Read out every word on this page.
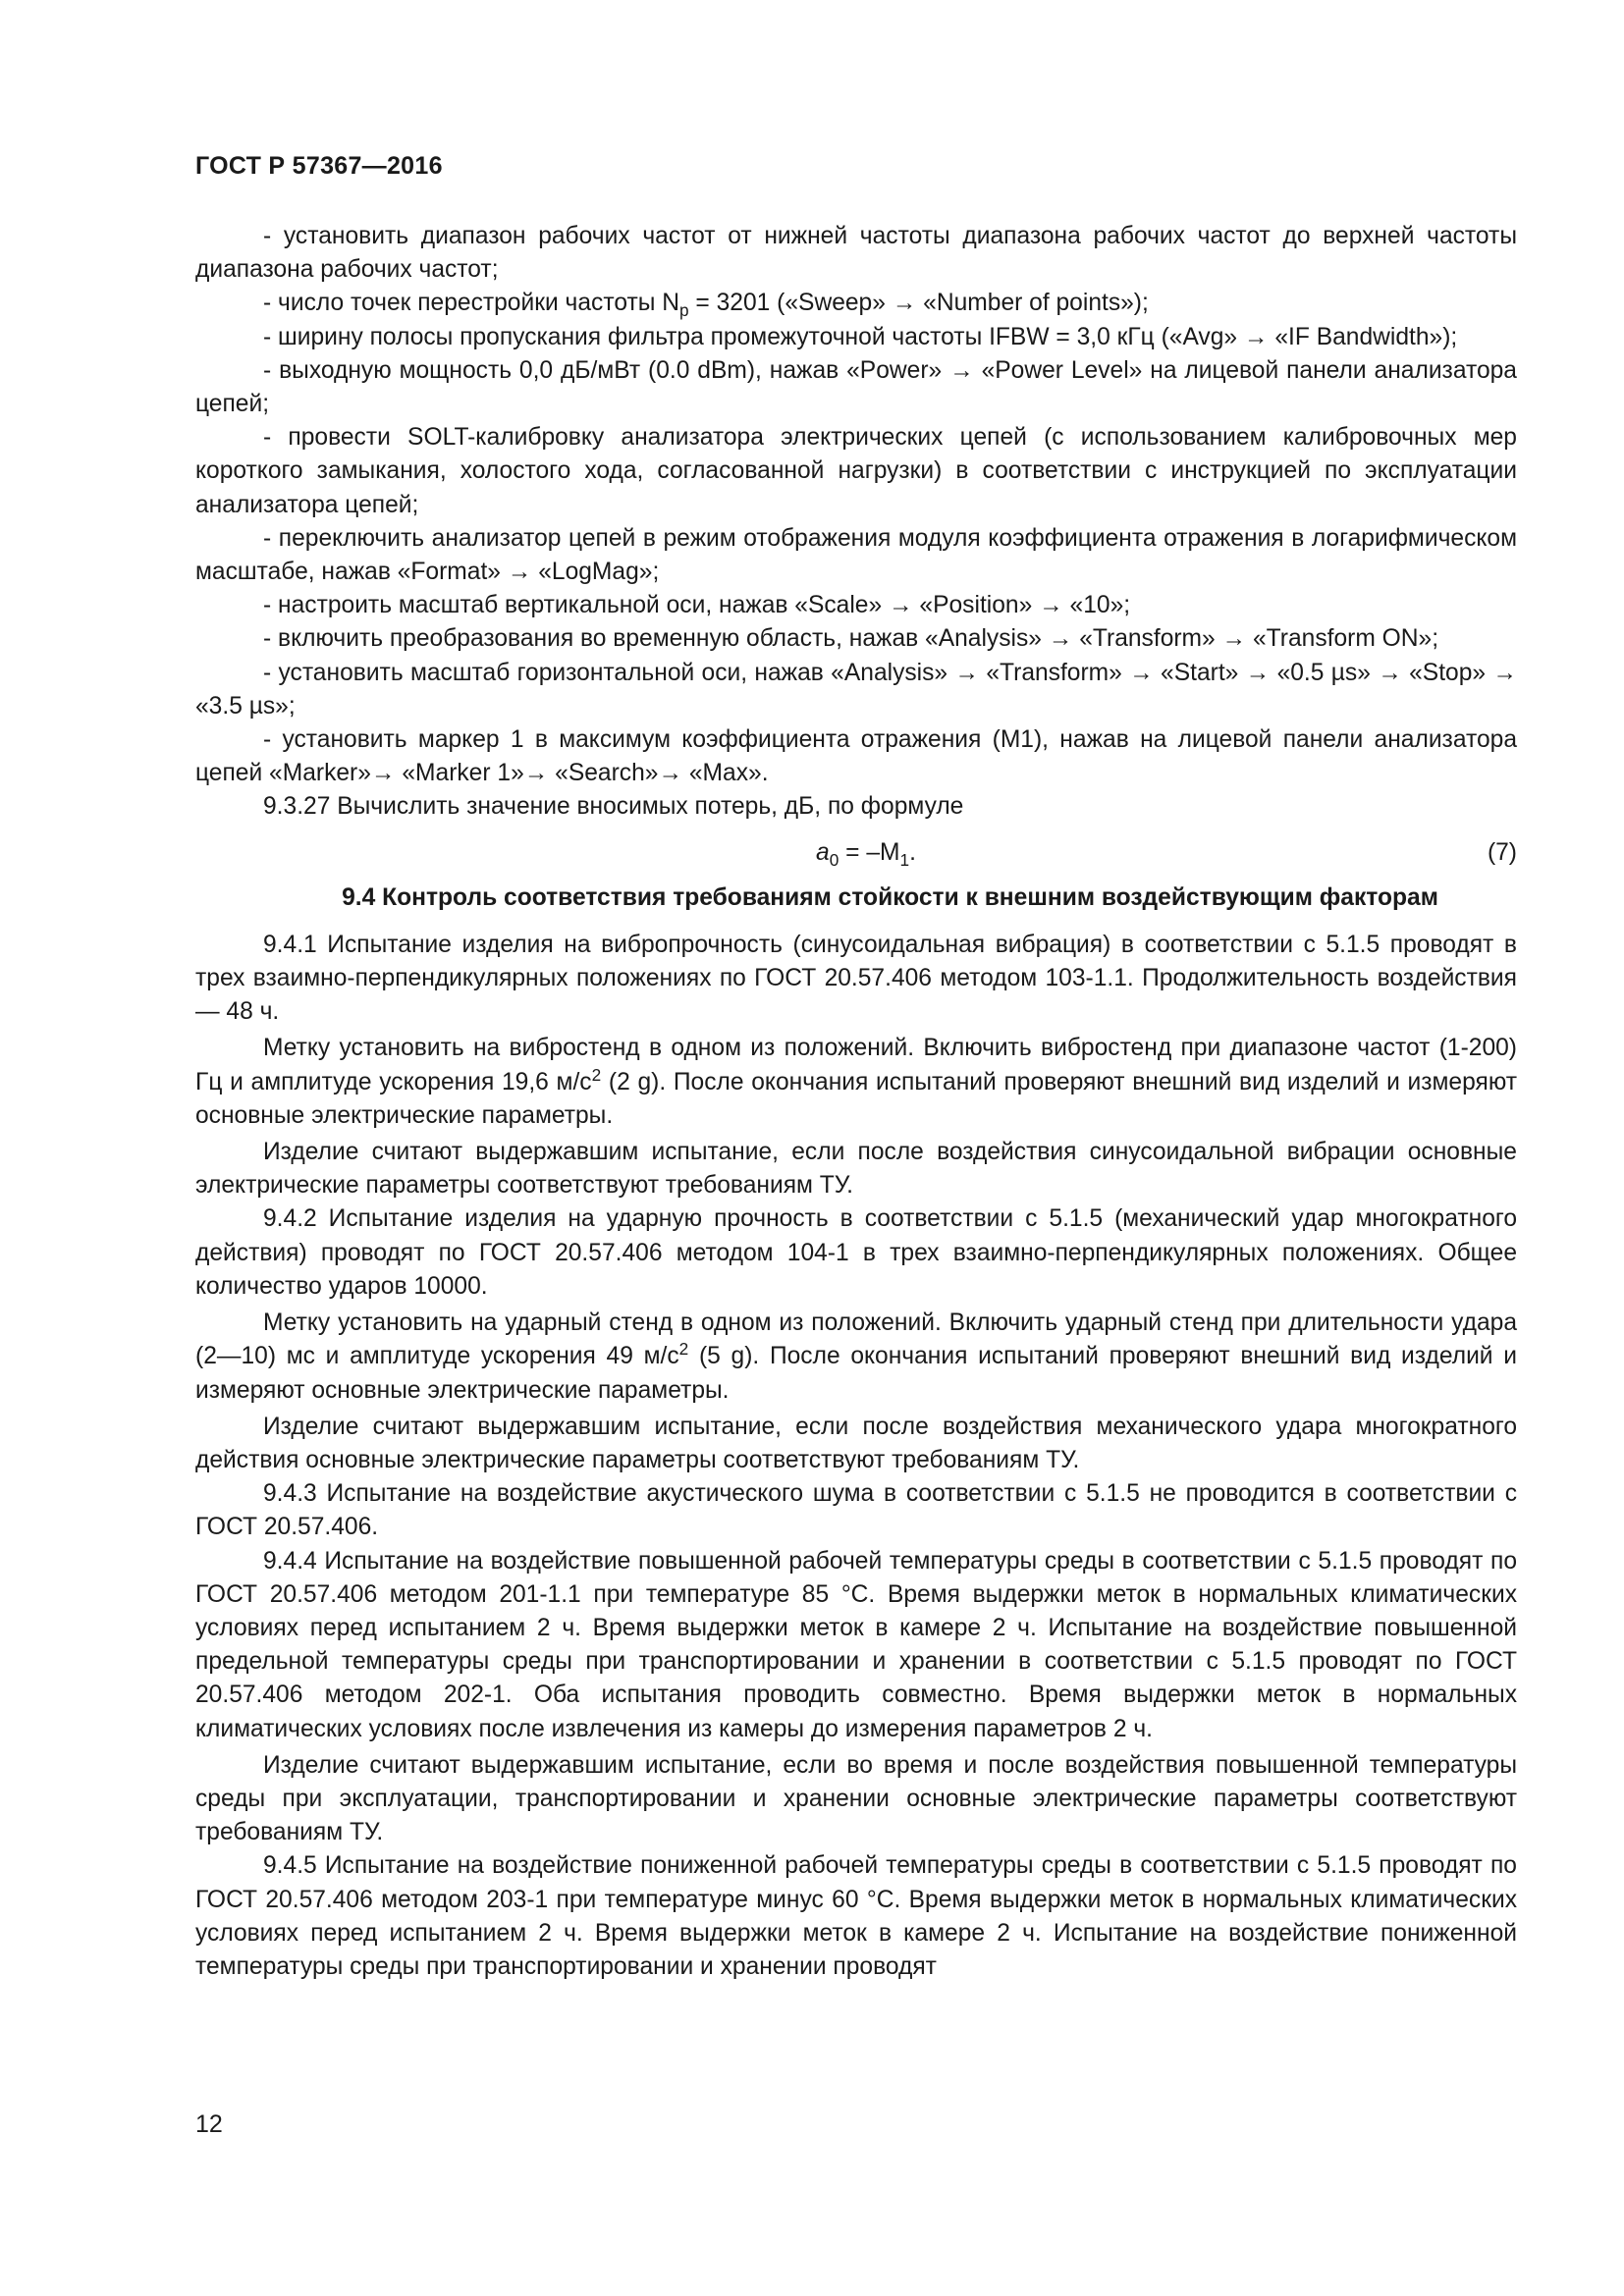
ГОСТ Р 57367—2016

- установить диапазон рабочих частот от нижней частоты диапазона рабочих частот до верхней частоты диапазона рабочих частот;

- число точек перестройки частоты $N_p = 3201$ («Sweep» → «Number of points»);

- ширину полосы пропускания фильтра промежуточной частоты IFBW = 3,0 кГц («Avg» → «IF Bandwidth»);

- выходную мощность 0,0 дБ/мВт (0.0 dBm), нажав «Power» → «Power Level» на лицевой панели анализатора цепей;

- провести SOLT-калибровку анализатора электрических цепей (с использованием калибровочных мер короткого замыкания, холостого хода, согласованной нагрузки) в соответствии с инструкцией по эксплуатации анализатора цепей;

- переключить анализатор цепей в режим отображения модуля коэффициента отражения в логарифмическом масштабе, нажав «Format» → «LogMag»;

- настроить масштаб вертикальной оси, нажав «Scale» → «Position» → «10»;

- включить преобразования во временную область, нажав «Analysis» → «Transform» → «Transform ON»;

- установить масштаб горизонтальной оси, нажав «Analysis» → «Transform» → «Start» → «0.5 µs» → «Stop» → «3.5 µs»;

- установить маркер 1 в максимум коэффициента отражения (M1), нажав на лицевой панели анализатора цепей «Marker»→ «Marker 1»→ «Search»→ «Max».

9.3.27 Вычислить значение вносимых потерь, дБ, по формуле

$a_0 = -M_1$.	(7)
9.4 Контроль соответствия требованиям стойкости к внешним воздействующим факторам

9.4.1 Испытание изделия на вибропрочность (синусоидальная вибрация) в соответствии с 5.1.5 проводят в трех взаимно-перпендикулярных положениях по ГОСТ 20.57.406 методом 103-1.1. Продолжительность воздействия — 48 ч.

Метку установить на вибростенд в одном из положений. Включить вибростенд при диапазоне частот (1-200) Гц и амплитуде ускорения 19,6 $м/с^2$ (2 g). После окончания испытаний проверяют внешний вид изделий и измеряют основные электрические параметры.

Изделие считают выдержавшим испытание, если после воздействия синусоидальной вибрации основные электрические параметры соответствуют требованиям ТУ.

9.4.2 Испытание изделия на ударную прочность в соответствии с 5.1.5 (механический удар многократного действия) проводят по ГОСТ 20.57.406 методом 104-1 в трех взаимно-перпендикулярных положениях. Общее количество ударов 10000.

Метку установить на ударный стенд в одном из положений. Включить ударный стенд при длительности удара (2—10) мс и амплитуде ускорения 49 $м/с^2$ (5 g). После окончания испытаний проверяют внешний вид изделий и измеряют основные электрические параметры.

Изделие считают выдержавшим испытание, если после воздействия механического удара многократного действия основные электрические параметры соответствуют требованиям ТУ.

9.4.3 Испытание на воздействие акустического шума в соответствии с 5.1.5 не проводится в соответствии с ГОСТ 20.57.406.

9.4.4 Испытание на воздействие повышенной рабочей температуры среды в соответствии с 5.1.5 проводят по ГОСТ 20.57.406 методом 201-1.1 при температуре 85 °С. Время выдержки меток в нормальных климатических условиях перед испытанием 2 ч. Время выдержки меток в камере 2 ч. Испытание на воздействие повышенной предельной температуры среды при транспортировании и хранении в соответствии с 5.1.5 проводят по ГОСТ 20.57.406 методом 202-1. Оба испытания проводить совместно. Время выдержки меток в нормальных климатических условиях после извлечения из камеры до измерения параметров 2 ч.

Изделие считают выдержавшим испытание, если во время и после воздействия повышенной температуры среды при эксплуатации, транспортировании и хранении основные электрические параметры соответствуют требованиям ТУ.

9.4.5 Испытание на воздействие пониженной рабочей температуры среды в соответствии с 5.1.5 проводят по ГОСТ 20.57.406 методом 203-1 при температуре минус 60 °С. Время выдержки меток в нормальных климатических условиях перед испытанием 2 ч. Время выдержки меток в камере 2 ч. Испытание на воздействие пониженной температуры среды при транспортировании и хранении проводят

12
